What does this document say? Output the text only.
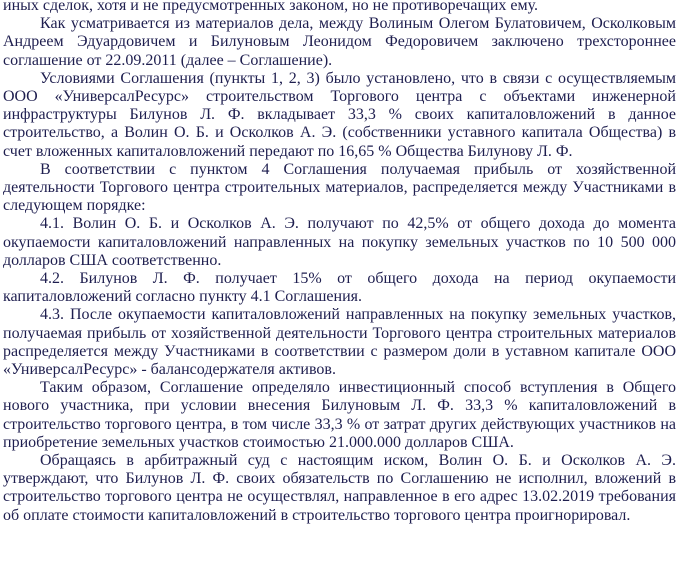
иных сделок, хотя и не предусмотренных законом, но не противоречащих ему.

Как усматривается из материалов дела, между Волиным Олегом Булатовичем, Осколковым Андреем Эдуардовичем и Билуновым Леонидом Федоровичем заключено трехстороннее соглашение от 22.09.2011 (далее – Соглашение).

Условиями Соглашения (пункты 1, 2, 3) было установлено, что в связи с осуществляемым ООО «УниверсалРесурс» строительством Торгового центра с объектами инженерной инфраструктуры Билунов Л. Ф. вкладывает 33,3 % своих капиталовложений в данное строительство, а Волин О. Б. и Осколков А. Э. (собственники уставного капитала Общества) в счет вложенных капиталовложений передают по 16,65 % Общества Билунову Л. Ф.

В соответствии с пунктом 4 Соглашения получаемая прибыль от хозяйственной деятельности Торгового центра строительных материалов, распределяется между Участниками в следующем порядке:

4.1. Волин О. Б. и Осколков А. Э. получают по 42,5% от общего дохода до момента окупаемости капиталовложений направленных на покупку земельных участков по 10 500 000 долларов США соответственно.

4.2. Билунов Л. Ф. получает 15% от общего дохода на период окупаемости капиталовложений согласно пункту 4.1 Соглашения.

4.3. После окупаемости капиталовложений направленных на покупку земельных участков, получаемая прибыль от хозяйственной деятельности Торгового центра строительных материалов распределяется между Участниками в соответствии с размером доли в уставном капитале ООО «УниверсалРесурс» - балансодержателя активов.

Таким образом, Соглашение определяло инвестиционный способ вступления в Общего нового участника, при условии внесения Билуновым Л. Ф. 33,3 % капиталовложений в строительство торгового центра, в том числе 33,3 % от затрат других действующих участников на приобретение земельных участков стоимостью 21.000.000 долларов США.

Обращаясь в арбитражный суд с настоящим иском, Волин О. Б. и Осколков А. Э. утверждают, что Билунов Л. Ф. своих обязательств по Соглашению не исполнил, вложений в строительство торгового центра не осуществлял, направленное в его адрес 13.02.2019 требования об оплате стоимости капиталовложений в строительство торгового центра проигнорировал.
